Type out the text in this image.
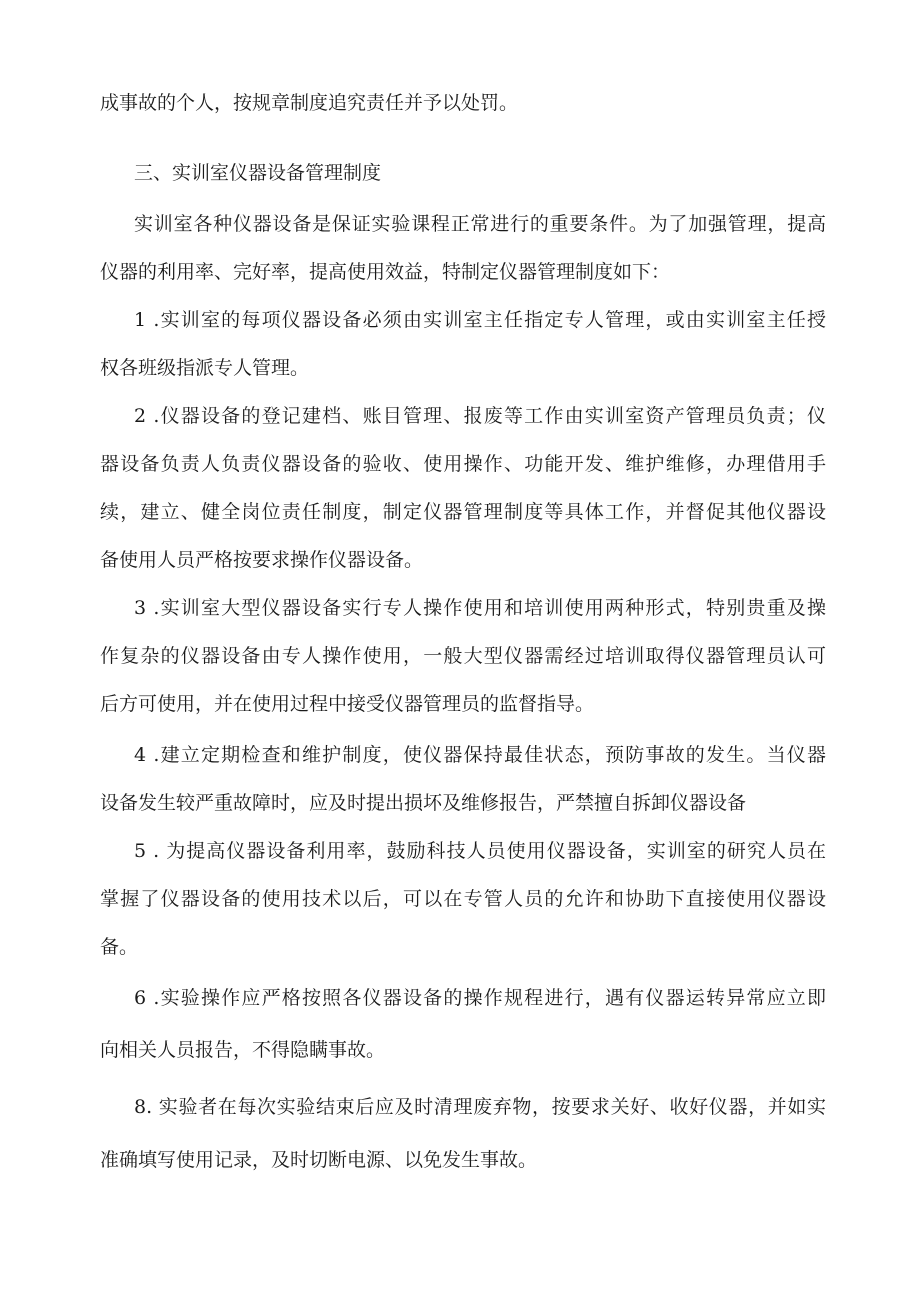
成事故的个人，按规章制度追究责任并予以处罚。
三、实训室仪器设备管理制度
实训室各种仪器设备是保证实验课程正常进行的重要条件。为了加强管理，提高
仪器的利用率、完好率，提高使用效益，特制定仪器管理制度如下：
1 .实训室的每项仪器设备必须由实训室主任指定专人管理，或由实训室主任授
权各班级指派专人管理。
2 .仪器设备的登记建档、账目管理、报废等工作由实训室资产管理员负责；仪
器设备负责人负责仪器设备的验收、使用操作、功能开发、维护维修，办理借用手
续，建立、健全岗位责任制度，制定仪器管理制度等具体工作，并督促其他仪器设
备使用人员严格按要求操作仪器设备。
3 .实训室大型仪器设备实行专人操作使用和培训使用两种形式，特别贵重及操
作复杂的仪器设备由专人操作使用，一般大型仪器需经过培训取得仪器管理员认可
后方可使用，并在使用过程中接受仪器管理员的监督指导。
4 .建立定期检查和维护制度，使仪器保持最佳状态，预防事故的发生。当仪器
设备发生较严重故障时，应及时提出损坏及维修报告，严禁擅自拆卸仪器设备
5 . 为提高仪器设备利用率，鼓励科技人员使用仪器设备，实训室的研究人员在
掌握了仪器设备的使用技术以后，可以在专管人员的允许和协助下直接使用仪器设
备。
6 .实验操作应严格按照各仪器设备的操作规程进行，遇有仪器运转异常应立即
向相关人员报告，不得隐瞒事故。
8. 实验者在每次实验结束后应及时清理废弃物，按要求关好、收好仪器，并如实
准确填写使用记录，及时切断电源、以免发生事故。
